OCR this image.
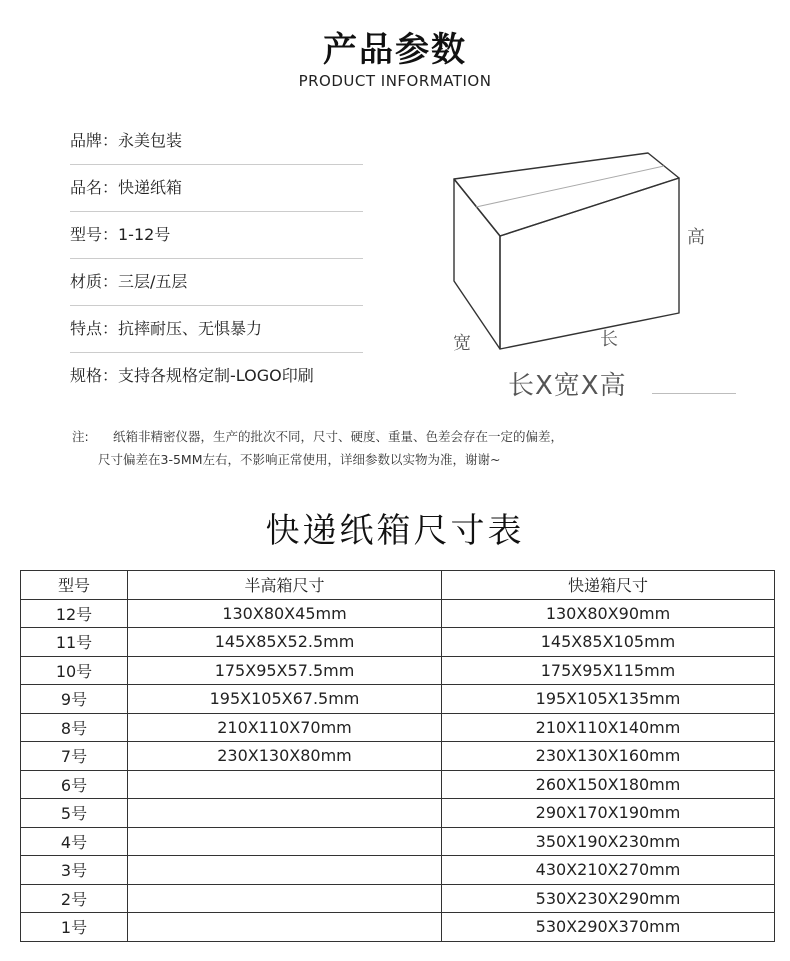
产品参数
PRODUCT INFORMATION
品牌：永美包装
品名：快递纸箱
型号：1-12号
材质：三层/五层
特点：抗摔耐压、无惧暴力
规格：支持各规格定制-LOGO印刷
高
宽	长
长X宽X高
注: 纸箱非精密仪器，生产的批次不同，尺寸、硬度、重量、色差会存在一定的偏差，
尺寸偏差在3-5MM左右，不影响正常使用，详细参数以实物为准，谢谢~
快递纸箱尺寸表
型号	半高箱尺寸	快递箱尺寸
12号	130X80X45mm	130X80X90mm
11号	145X85X52.5mm	145X85X105mm
10号	175X95X57.5mm	175X95X115mm
9号	195X105X67.5mm	195X105X135mm
8号	210X110X70mm	210X110X140mm
7号	230X130X80mm	230X130X160mm
6号		260X150X180mm
5号		290X170X190mm
4号		350X190X230mm
3号		430X210X270mm
2号		530X230X290mm
1号		530X290X370mm
